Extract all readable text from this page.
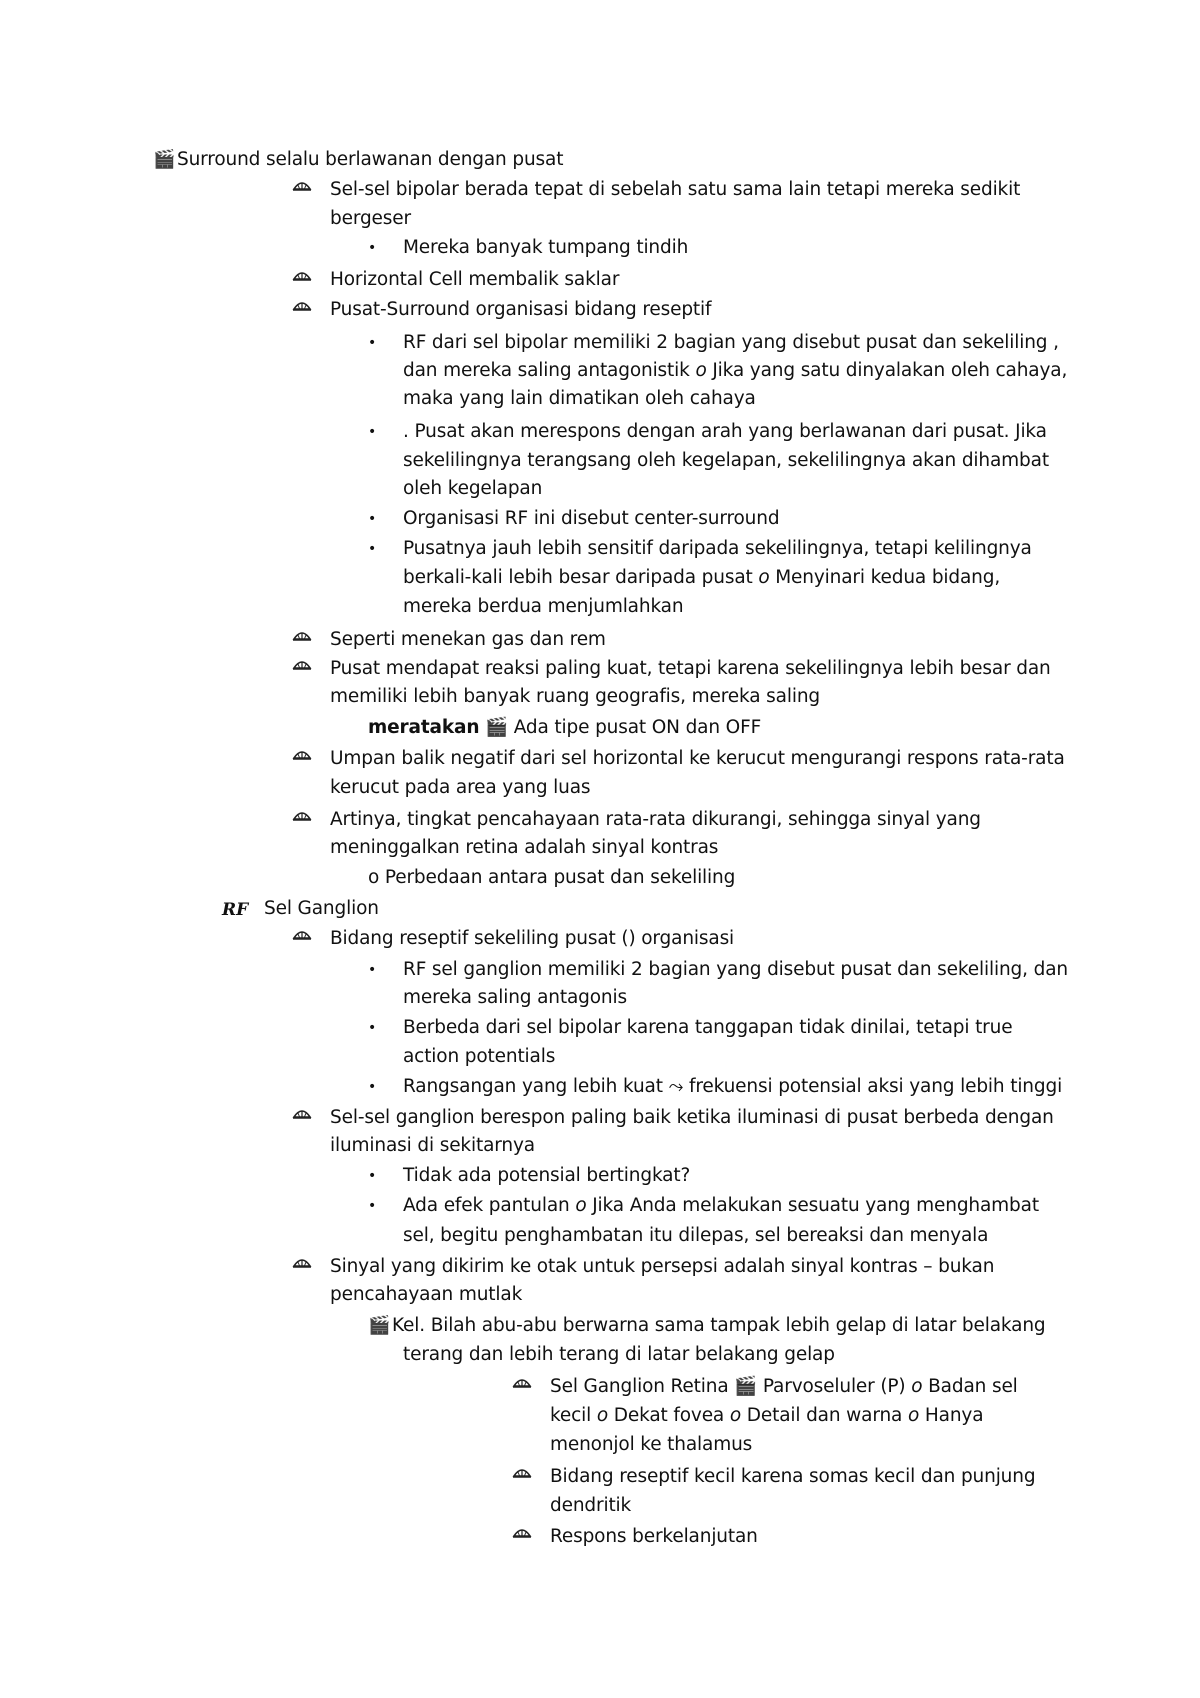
🎬 Surround selalu berlawanan dengan pusat
Sel-sel bipolar berada tepat di sebelah satu sama lain tetapi mereka sedikit
bergeser
• Mereka banyak tumpang tindih
Horizontal Cell membalik saklar
Pusat-Surround organisasi bidang reseptif
• RF dari sel bipolar memiliki 2 bagian yang disebut pusat dan sekeliling ,
dan mereka saling antagonistik o Jika yang satu dinyalakan oleh cahaya,
maka yang lain dimatikan oleh cahaya
• . Pusat akan merespons dengan arah yang berlawanan dari pusat. Jika
sekelilingnya terangsang oleh kegelapan, sekelilingnya akan dihambat
oleh kegelapan
• Organisasi RF ini disebut center-surround
• Pusatnya jauh lebih sensitif daripada sekelilingnya, tetapi kelilingnya
berkali-kali lebih besar daripada pusat o Menyinari kedua bidang,
mereka berdua menjumlahkan
Seperti menekan gas dan rem
Pusat mendapat reaksi paling kuat, tetapi karena sekelilingnya lebih besar dan
memiliki lebih banyak ruang geografis, mereka saling
meratakan 🎬 Ada tipe pusat ON dan OFF
Umpan balik negatif dari sel horizontal ke kerucut mengurangi respons rata-rata
kerucut pada area yang luas
Artinya, tingkat pencahayaan rata-rata dikurangi, sehingga sinyal yang
meninggalkan retina adalah sinyal kontras
o Perbedaan antara pusat dan sekeliling
RF Sel Ganglion
Bidang reseptif sekeliling pusat () organisasi
• RF sel ganglion memiliki 2 bagian yang disebut pusat dan sekeliling, dan
mereka saling antagonis
• Berbeda dari sel bipolar karena tanggapan tidak dinilai, tetapi true
action potentials
• Rangsangan yang lebih kuat ⤳ frekuensi potensial aksi yang lebih tinggi
Sel-sel ganglion berespon paling baik ketika iluminasi di pusat berbeda dengan
iluminasi di sekitarnya
• Tidak ada potensial bertingkat?
• Ada efek pantulan o Jika Anda melakukan sesuatu yang menghambat
sel, begitu penghambatan itu dilepas, sel bereaksi dan menyala
Sinyal yang dikirim ke otak untuk persepsi adalah sinyal kontras – bukan
pencahayaan mutlak
🎬 Kel. Bilah abu-abu berwarna sama tampak lebih gelap di latar belakang
terang dan lebih terang di latar belakang gelap
Sel Ganglion Retina 🎬 Parvoseluler (P) o Badan sel
kecil o Dekat fovea o Detail dan warna o Hanya
menonjol ke thalamus
Bidang reseptif kecil karena somas kecil dan punjung
dendritik
Respons berkelanjutan
